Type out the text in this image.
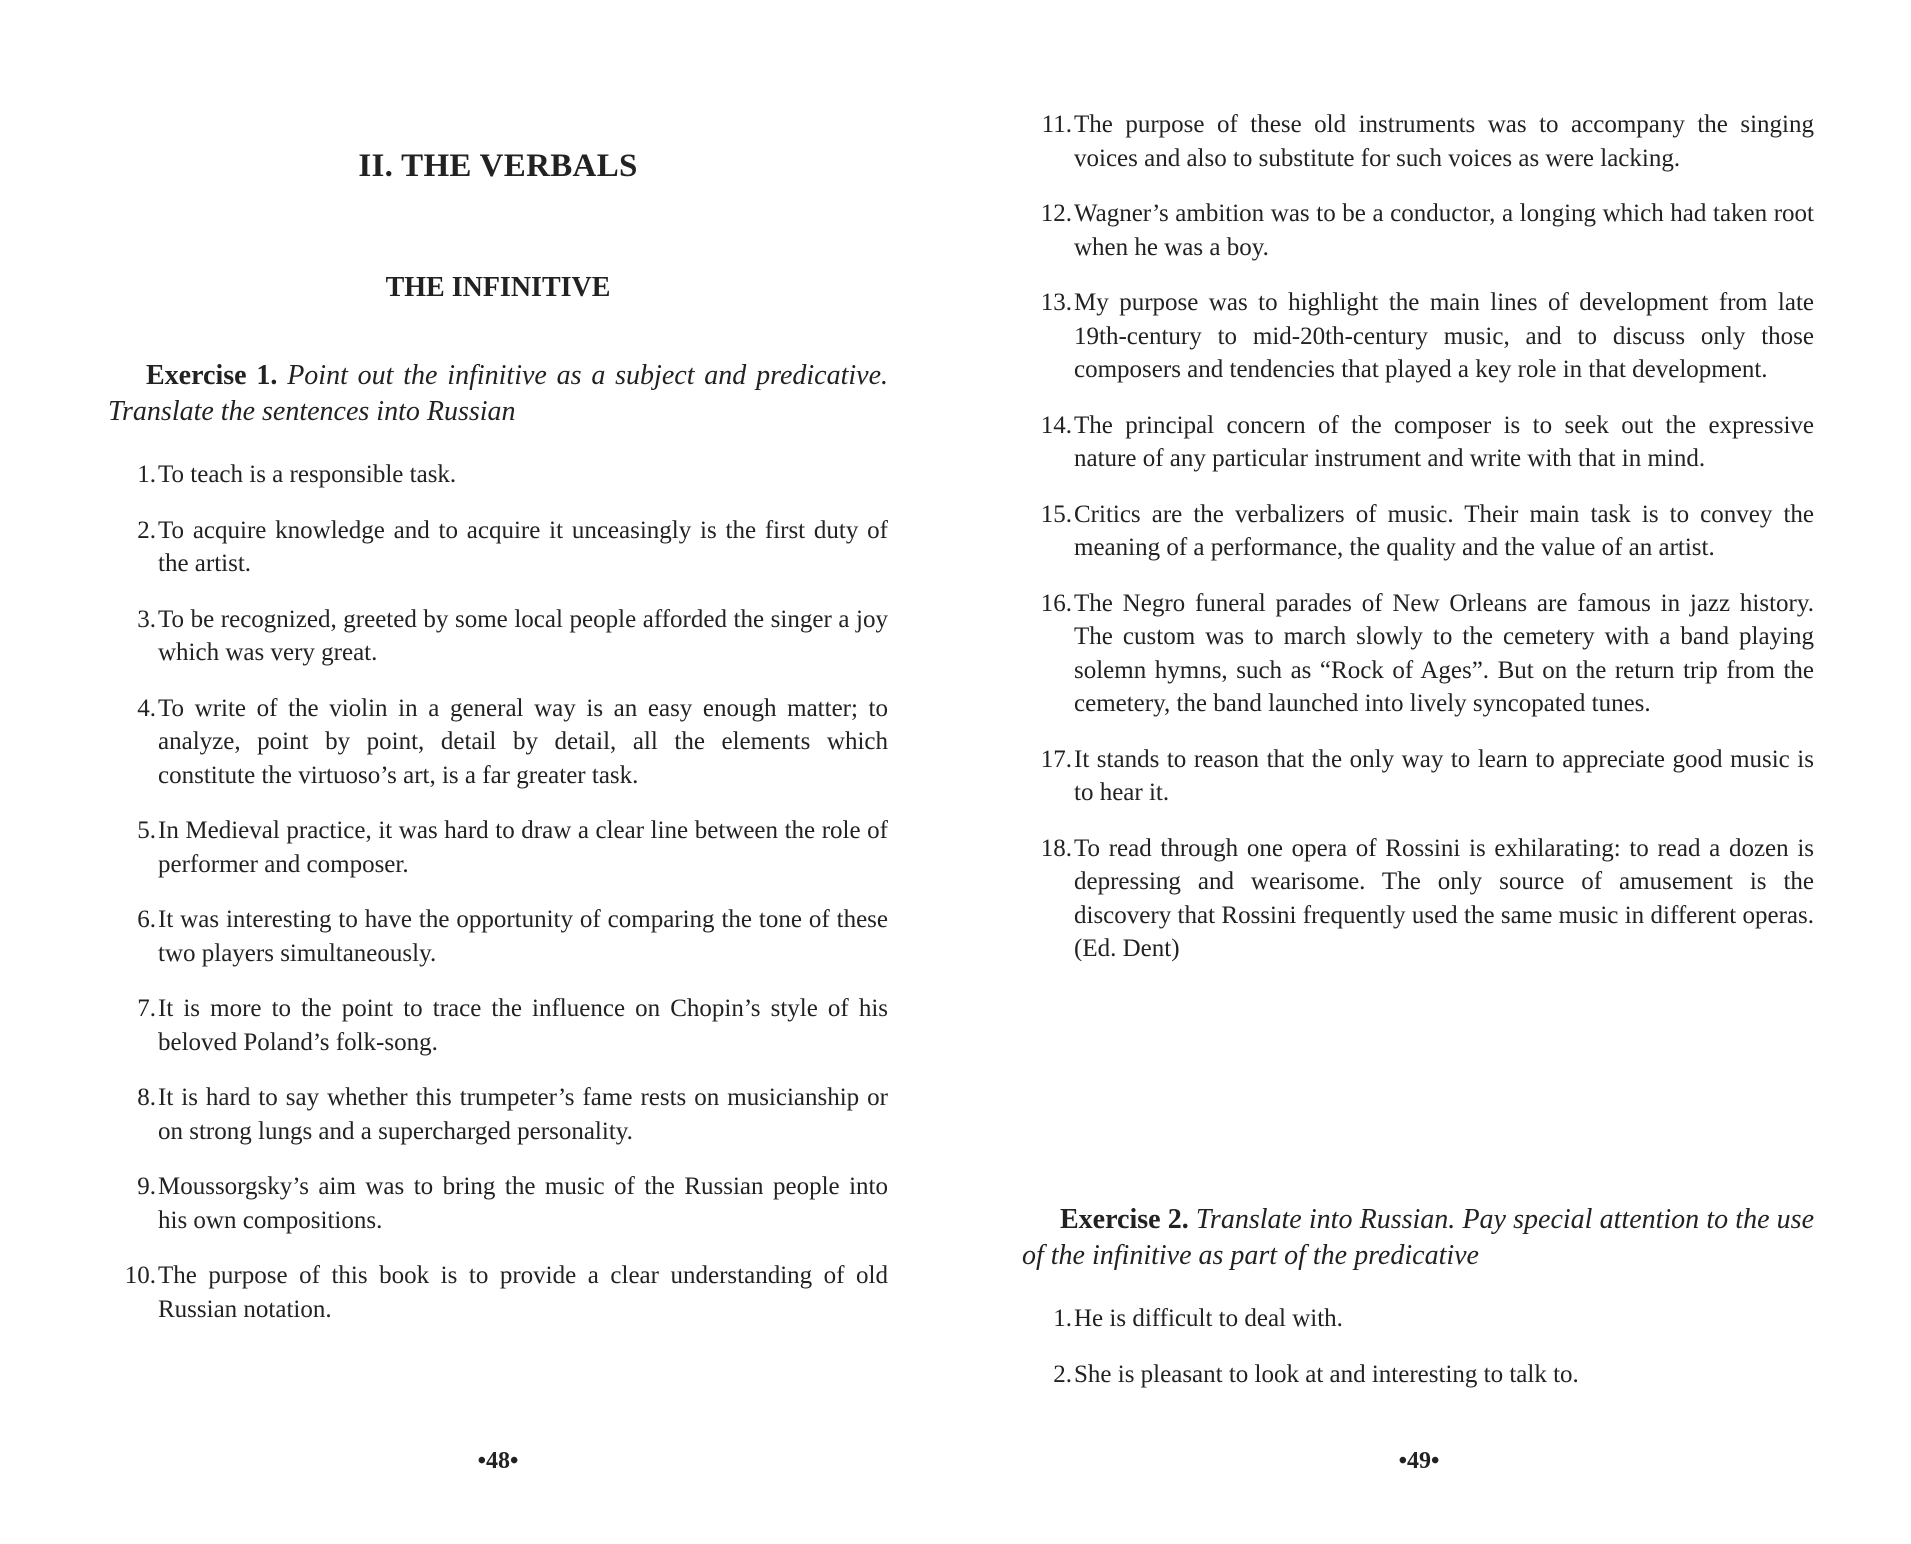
II. THE VERBALS
THE INFINITIVE

Exercise 1. Point out the infinitive as a subject and predicative. Translate the sentences into Russian

1. To teach is a responsible task.
2. To acquire knowledge and to acquire it unceasingly is the first duty of the artist.
3. To be recognized, greeted by some local people afforded the singer a joy which was very great.
4. To write of the violin in a general way is an easy enough matter; to analyze, point by point, detail by detail, all the elements which constitute the virtuoso’s art, is a far greater task.
5. In Medieval practice, it was hard to draw a clear line between the role of performer and composer.
6. It was interesting to have the opportunity of comparing the tone of these two players simultaneously.
7. It is more to the point to trace the influence on Chopin’s style of his beloved Poland’s folk-song.
8. It is hard to say whether this trumpeter’s fame rests on musicianship or on strong lungs and a supercharged personality.
9. Moussorgsky’s aim was to bring the music of the Russian people into his own compositions.
10. The purpose of this book is to provide a clear understanding of old Russian notation.
•48•
11. The purpose of these old instruments was to accompany the singing voices and also to substitute for such voices as were lacking.
12. Wagner’s ambition was to be a conductor, a longing which had taken root when he was a boy.
13. My purpose was to highlight the main lines of development from late 19th-century to mid-20th-century music, and to discuss only those composers and tendencies that played a key role in that development.
14. The principal concern of the composer is to seek out the expressive nature of any particular instrument and write with that in mind.
15. Critics are the verbalizers of music. Their main task is to convey the meaning of a performance, the quality and the value of an artist.
16. The Negro funeral parades of New Orleans are famous in jazz history. The custom was to march slowly to the cemetery with a band playing solemn hymns, such as “Rock of Ages”. But on the return trip from the cemetery, the band launched into lively syncopated tunes.
17. It stands to reason that the only way to learn to appreciate good music is to hear it.
18. To read through one opera of Rossini is exhilarating: to read a dozen is depressing and wearisome. The only source of amusement is the discovery that Rossini frequently used the same music in different operas. (Ed. Dent)

Exercise 2. Translate into Russian. Pay special attention to the use of the infinitive as part of the predicative

1. He is difficult to deal with.
2. She is pleasant to look at and interesting to talk to.
•49•
